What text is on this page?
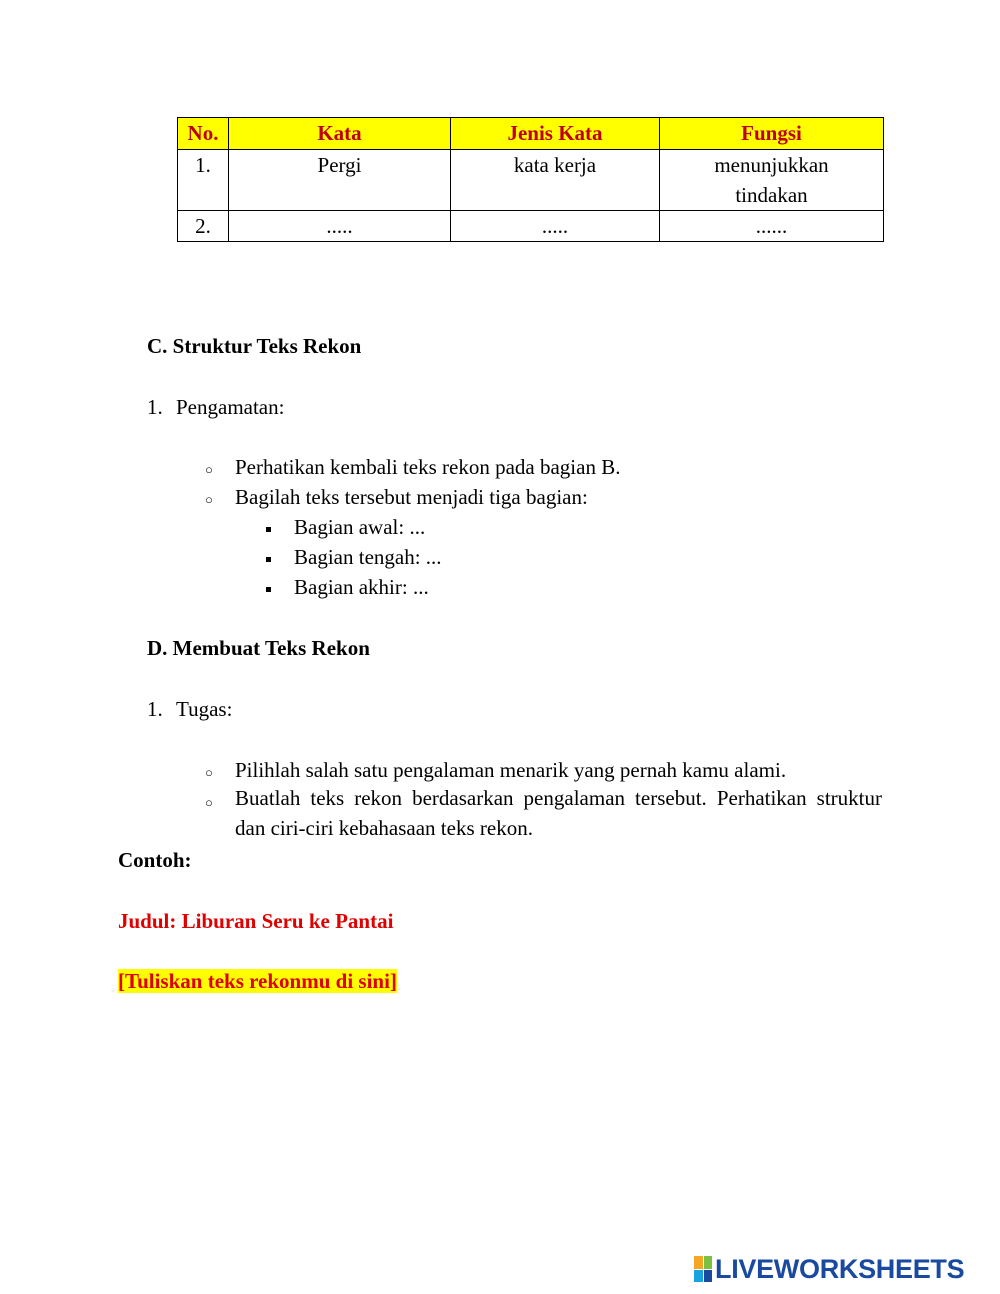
No.	Kata	Jenis Kata	Fungsi
1.	Pergi	kata kerja	menunjukkan tindakan
2.	.....	.....	......
C. Struktur Teks Rekon
1. Pengamatan:
○ Perhatikan kembali teks rekon pada bagian B.
○ Bagilah teks tersebut menjadi tiga bagian:
Bagian awal: ...
Bagian tengah: ...
Bagian akhir: ...
D. Membuat Teks Rekon
1. Tugas:
○ Pilihlah salah satu pengalaman menarik yang pernah kamu alami.
○ Buatlah teks rekon berdasarkan pengalaman tersebut. Perhatikan struktur dan ciri-ciri kebahasaan teks rekon.
Contoh:
Judul: Liburan Seru ke Pantai
[Tuliskan teks rekonmu di sini]
LIVEWORKSHEETS
